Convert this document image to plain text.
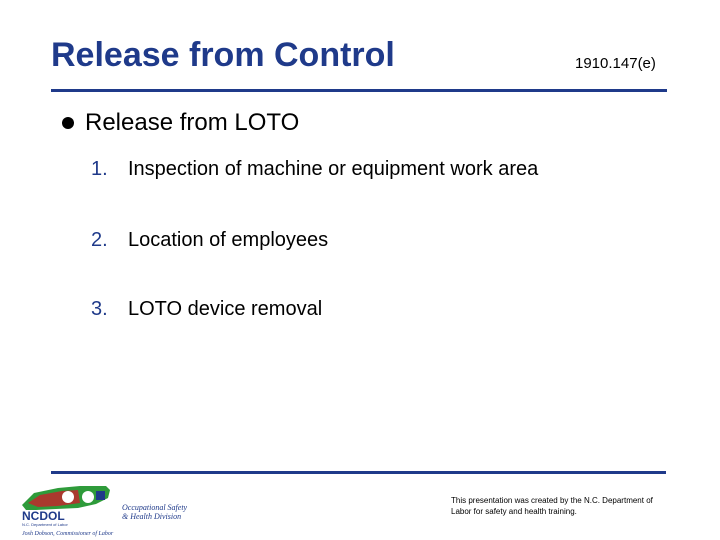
Release from Control	1910.147(e)
Release from LOTO
1. Inspection of machine or equipment work area
2. Location of employees
3. LOTO device removal
NCDOL
N.C. Department of Labor
Occupational Safety
& Health Division
Josh Dobson, Commissioner of Labor
This presentation was created by the N.C. Department of Labor for safety and health training.
